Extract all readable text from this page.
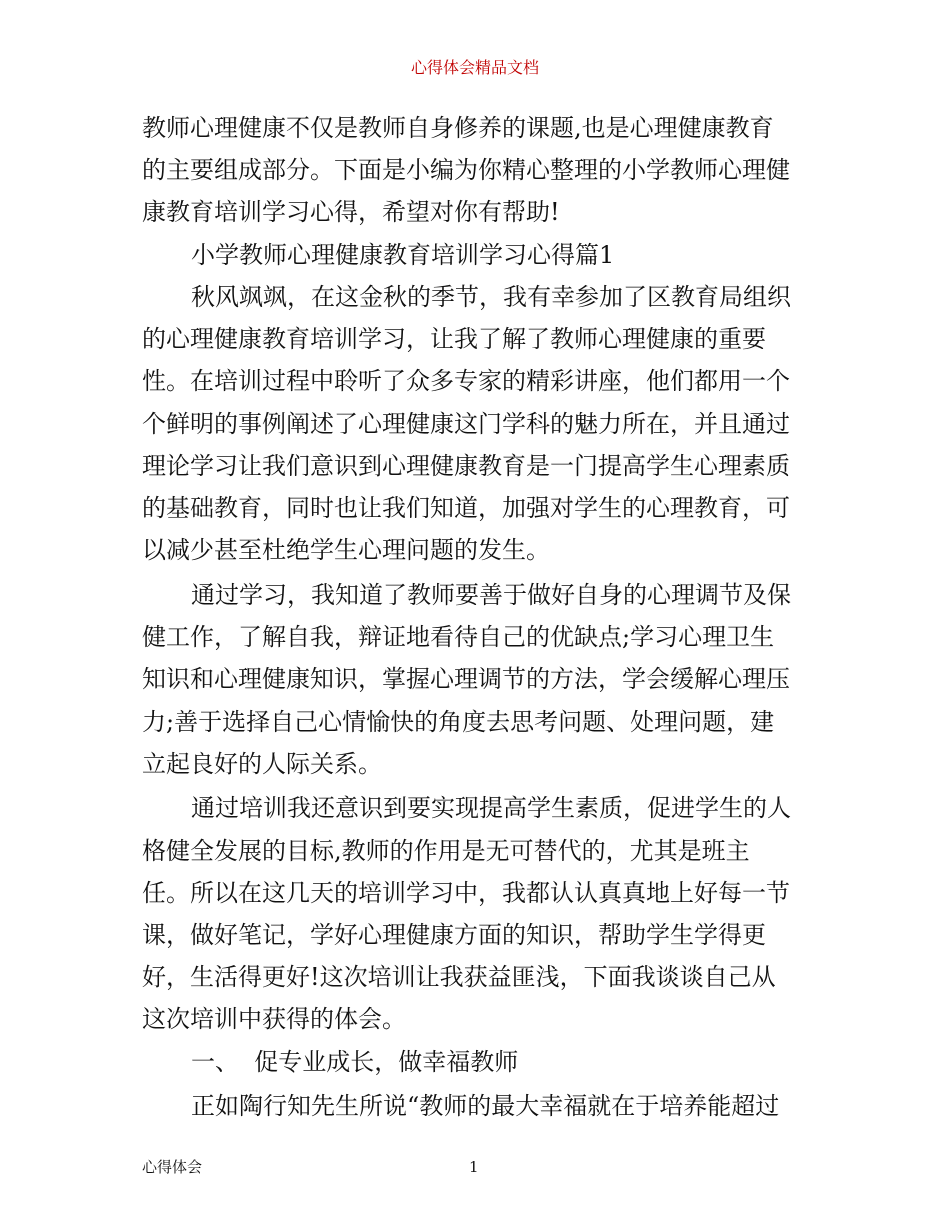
心得体会精品文档
教师心理健康不仅是教师自身修养的课题,也是心理健康教育
的主要组成部分。下面是小编为你精心整理的小学教师心理健
康教育培训学习心得，希望对你有帮助!
小学教师心理健康教育培训学习心得篇1
秋风飒飒，在这金秋的季节，我有幸参加了区教育局组织
的心理健康教育培训学习，让我了解了教师心理健康的重要
性。在培训过程中聆听了众多专家的精彩讲座，他们都用一个
个鲜明的事例阐述了心理健康这门学科的魅力所在，并且通过
理论学习让我们意识到心理健康教育是一门提高学生心理素质
的基础教育，同时也让我们知道，加强对学生的心理教育，可
以减少甚至杜绝学生心理问题的发生。
通过学习，我知道了教师要善于做好自身的心理调节及保
健工作，了解自我，辩证地看待自己的优缺点;学习心理卫生
知识和心理健康知识，掌握心理调节的方法，学会缓解心理压
力;善于选择自己心情愉快的角度去思考问题、处理问题，建
立起良好的人际关系。
通过培训我还意识到要实现提高学生素质，促进学生的人
格健全发展的目标,教师的作用是无可替代的，尤其是班主
任。所以在这几天的培训学习中，我都认认真真地上好每一节
课，做好笔记，学好心理健康方面的知识，帮助学生学得更
好，生活得更好!这次培训让我获益匪浅，下面我谈谈自己从
这次培训中获得的体会。
一、  促专业成长，做幸福教师
正如陶行知先生所说“教师的最大幸福就在于培养能超过
心得体会	1
